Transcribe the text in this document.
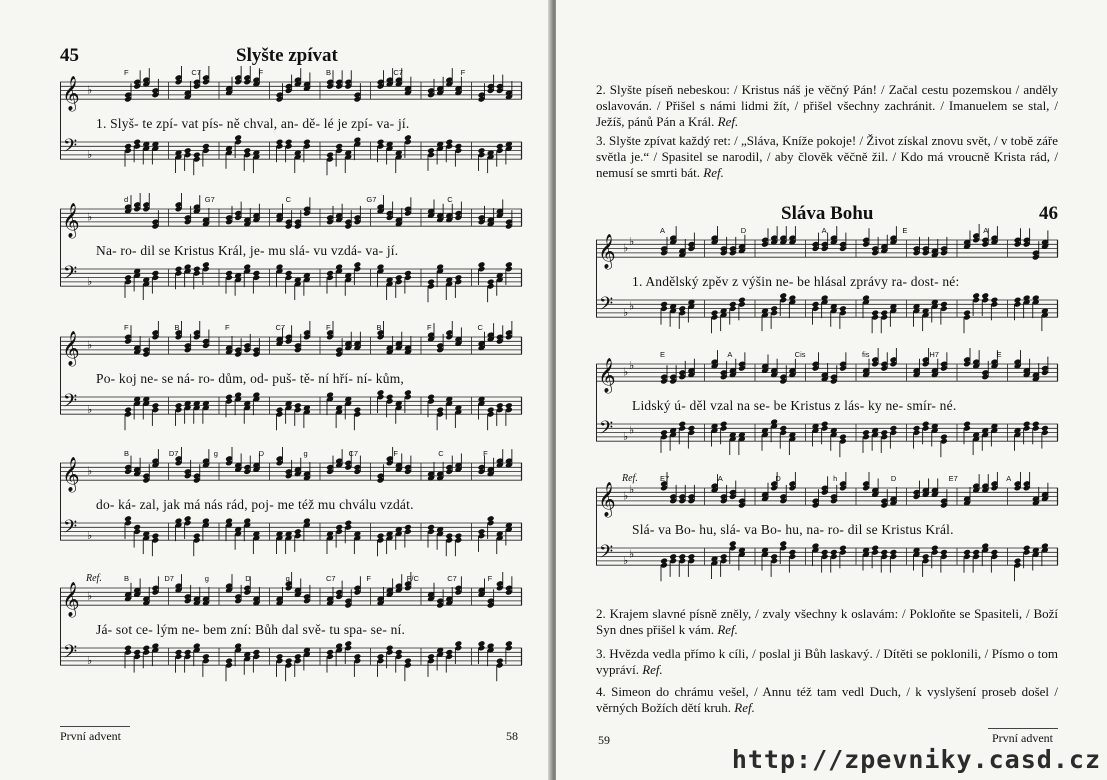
45	Slyšte zpívat
𝄞
𝄢
♭
♭
F	C7	F	B	C7	F
1. Slyš- te zpí- vat pís- ně chval, an- dě- lé je zpí- va- jí.
𝄞
𝄢
♭
♭
d	G7	C	G7	C
Na- ro- dil se Kristus Král, je- mu slá- vu vzdá- va- jí.
𝄞
𝄢
♭
♭
F	B	F	C7	F	B	F	C
Po- koj ne- se ná- ro- dům, od- puš- tě- ní hří- ní- kům,
𝄞
𝄢
♭
♭
B	D7	g	D	g	C7	F	C	F
do- ká- zal, jak má nás rád, poj- me též mu chválu vzdát.
𝄞
𝄢
♭
♭
B	D7	g	D	g	C7	F	F/C	C7	F
Ref.
Já- sot ce- lým ne- bem zní: Bůh dal svě- tu spa- se- ní.
První advent	58
2. Slyšte píseň nebeskou: / Kristus náš je věčný Pán! / Začal cestu pozemskou / anděly oslavován. / Přišel s námi lidmi žít, / přišel všechny zachránit. / Imanuelem se stal, / Ježíš, pánů Pán a Král. Ref.
3. Slyšte zpívat každý ret: / „Sláva, Kníže pokoje! / Život získal znovu svět, / v tobě záře světla je.“ / Spasitel se narodil, / aby člověk věčně žil. / Kdo má vroucně Krista rád, / nemusí se smrti bát. Ref.
Sláva Bohu	46
𝄞
𝄢
♭
♭
♭
♭
A	D	A	E	A
1. Andělský zpěv z výšin ne- be hlásal zprávy ra- dost- né:
𝄞
𝄢
♭
♭
♭
♭
E	A	Cis	fis	H7	E
Lidský ú- děl vzal na se- be Kristus z lás- ky ne- smír- né.
𝄞
𝄢
♭
♭
♭
♭
E7	A	D	h	D	E7	A
Ref.
Slá- va Bo- hu, slá- va Bo- hu, na- ro- dil se Kristus Král.
2. Krajem slavné písně zněly, / zvaly všechny k oslavám: / Pokloňte se Spasiteli, / Boží Syn dnes přišel k vám. Ref.
3. Hvězda vedla přímo k cíli, / poslal ji Bůh laskavý. / Dítěti se poklonili, / Písmo o tom vypráví. Ref.
4. Simeon do chrámu vešel, / Annu též tam vedl Duch, / k vyslyšení proseb došel / věrných Božích dětí kruh. Ref.
59	První advent
http://zpevniky.casd.cz
